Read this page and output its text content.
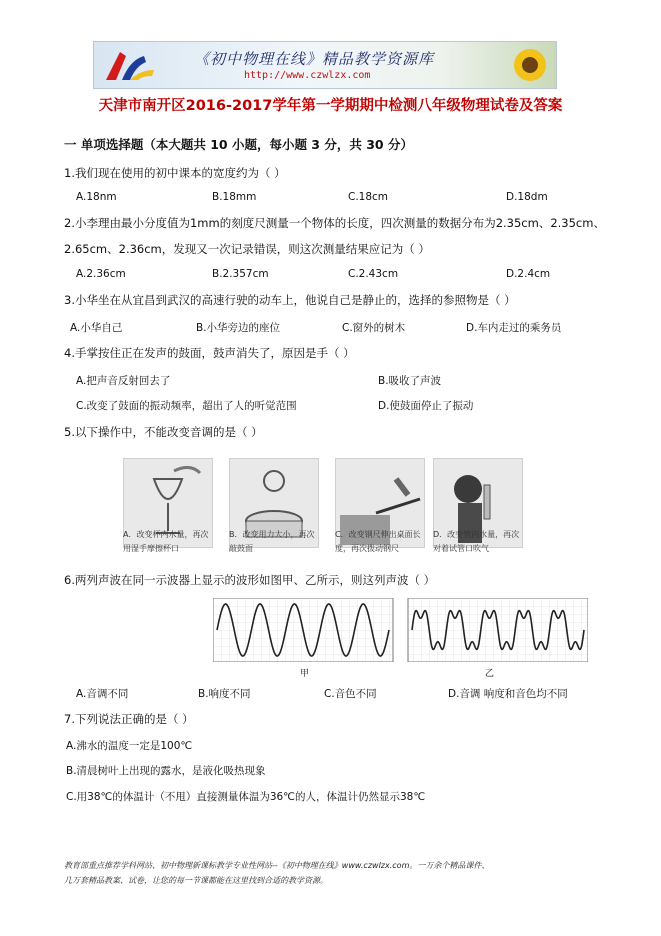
《初中物理在线》精品教学资源库
http://www.czwlzx.com
天津市南开区2016-2017学年第一学期期中检测八年级物理试卷及答案
一 单项选择题（本大题共 10 小题，每小题 3 分，共 30 分）
1.我们现在使用的初中课本的宽度约为（ ）
A.18nm	B.18mm	C.18cm	D.18dm
2.小李理由最小分度值为1mm的刻度尺测量一个物体的长度，四次测量的数据分布为2.35cm、2.35cm、
2.65cm、2.36cm，发现又一次记录错误，则这次测量结果应记为（ ）
A.2.36cm	B.2.357cm	C.2.43cm	D.2.4cm
3.小华坐在从宜昌到武汉的高速行驶的动车上，他说自己是静止的，选择的参照物是（ ）
A.小华自己	B.小华旁边的座位	C.窗外的树木	D.车内走过的乘务员
4.手掌按住正在发声的鼓面，鼓声消失了，原因是手（ ）
A.把声音反射回去了	B.吸收了声波
C.改变了鼓面的振动频率，超出了人的听觉范围	D.使鼓面停止了振动
5.以下操作中，不能改变音调的是（ ）
A．改变杯内水量，再次用湿手摩擦杯口
B．改变用力大小，再次敲鼓面
C．改变钢尺伸出桌面长度，再次拨动钢尺
D．改变管内水量，再次对着试管口吹气
6.两列声波在同一示波器上显示的波形如图甲、乙所示，则这列声波（ ）
甲	乙
A.音调不同	B.响度不同	C.音色不同	D.音调 响度和音色均不同
7.下列说法正确的是（ ）
A.沸水的温度一定是100℃
B.清晨树叶上出现的露水，是液化吸热现象
C.用38℃的体温计（不甩）直接测量体温为36℃的人，体温计仍然显示38℃
教育部重点推荐学科网站、初中物理新课标教学专业性网站--《初中物理在线》www.czwlzx.com。一万余个精品课件、
几万套精品教案、试卷，让您的每一节课都能在这里找到合适的教学资源。
